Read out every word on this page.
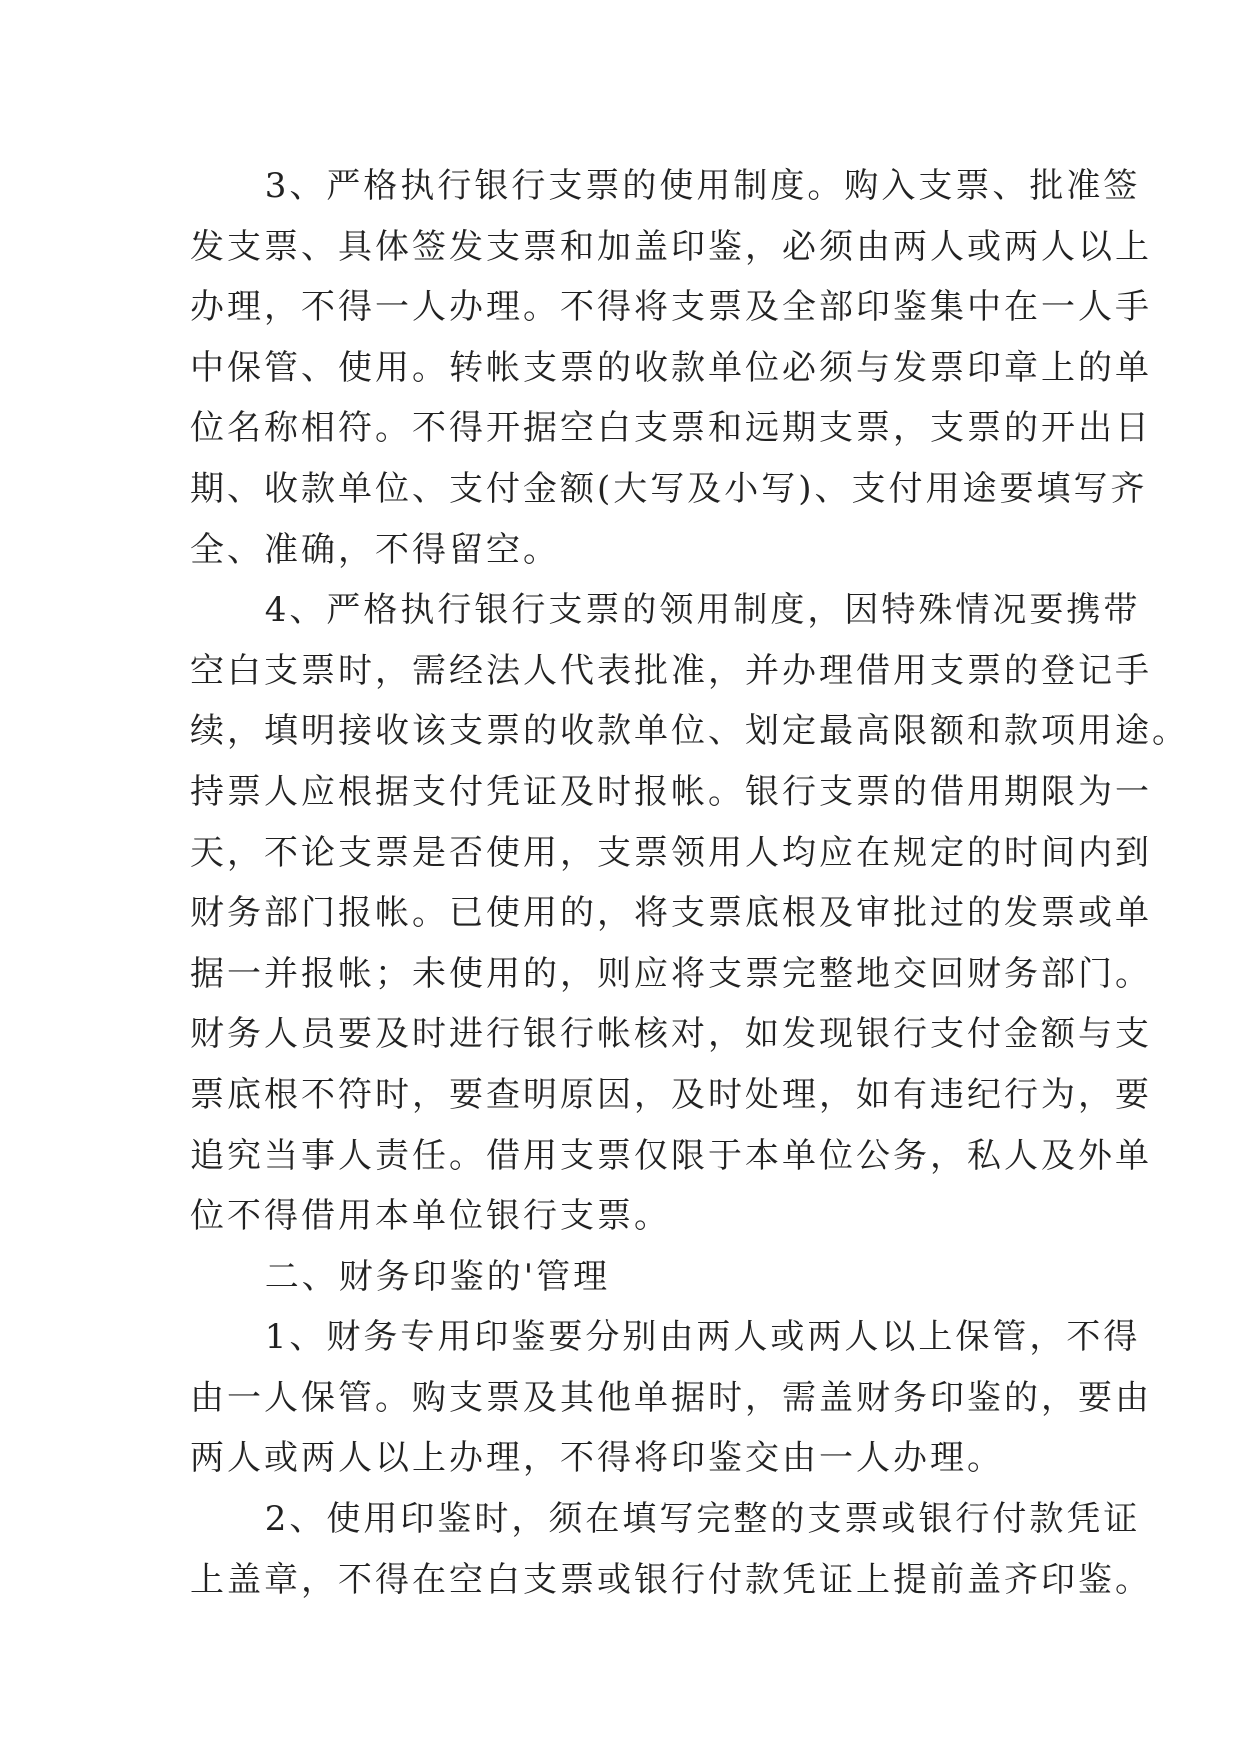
3、严格执行银行支票的使用制度。购入支票、批准签
发支票、具体签发支票和加盖印鉴，必须由两人或两人以上
办理，不得一人办理。不得将支票及全部印鉴集中在一人手
中保管、使用。转帐支票的收款单位必须与发票印章上的单
位名称相符。不得开据空白支票和远期支票，支票的开出日
期、收款单位、支付金额(大写及小写)、支付用途要填写齐
全、准确，不得留空。

4、严格执行银行支票的领用制度，因特殊情况要携带
空白支票时，需经法人代表批准，并办理借用支票的登记手
续，填明接收该支票的收款单位、划定最高限额和款项用途。
持票人应根据支付凭证及时报帐。银行支票的借用期限为一
天，不论支票是否使用，支票领用人均应在规定的时间内到
财务部门报帐。已使用的，将支票底根及审批过的发票或单
据一并报帐；未使用的，则应将支票完整地交回财务部门。
财务人员要及时进行银行帐核对，如发现银行支付金额与支
票底根不符时，要查明原因，及时处理，如有违纪行为，要
追究当事人责任。借用支票仅限于本单位公务，私人及外单
位不得借用本单位银行支票。

二、财务印鉴的'管理

1、财务专用印鉴要分别由两人或两人以上保管，不得
由一人保管。购支票及其他单据时，需盖财务印鉴的，要由
两人或两人以上办理，不得将印鉴交由一人办理。

2、使用印鉴时，须在填写完整的支票或银行付款凭证
上盖章，不得在空白支票或银行付款凭证上提前盖齐印鉴。
